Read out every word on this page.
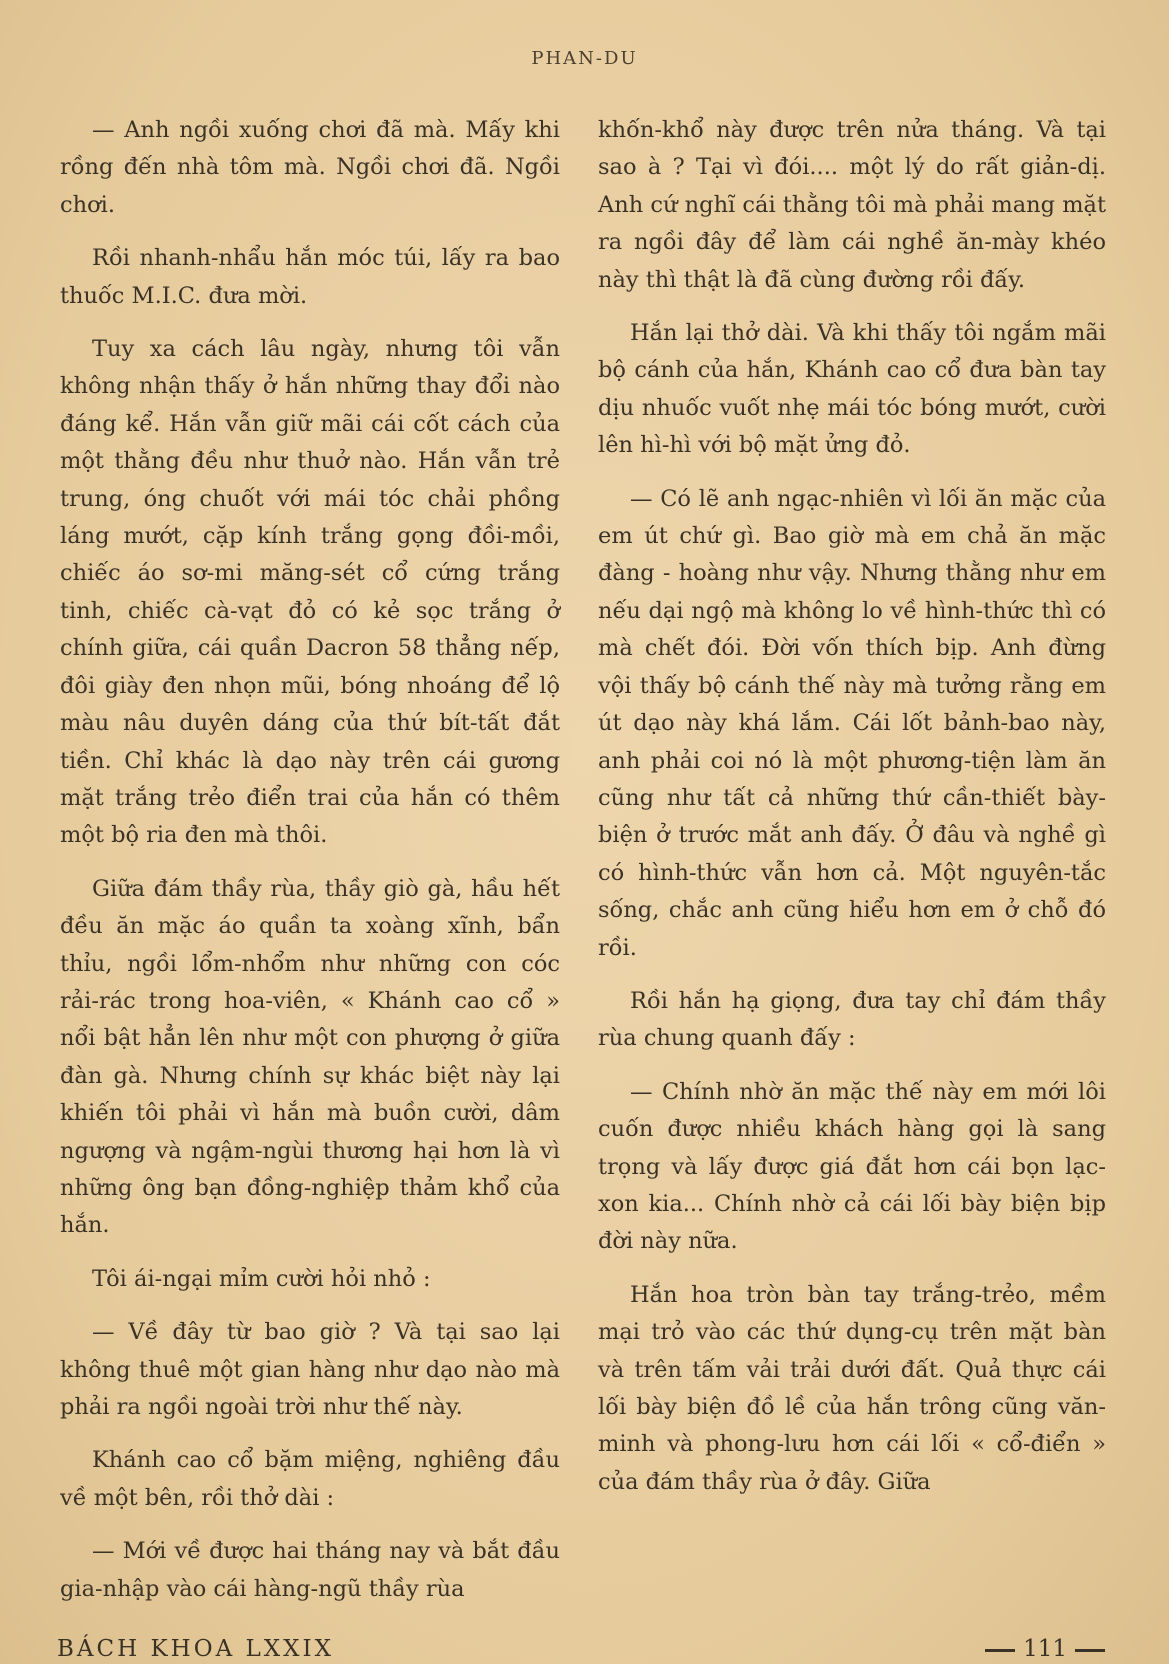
PHAN-DU

— Anh ngồi xuống chơi đã mà. Mấy khi rồng đến nhà tôm mà. Ngồi chơi đã. Ngồi chơi.

Rồi nhanh-nhẩu hắn móc túi, lấy ra bao thuốc M.I.C. đưa mời.

Tuy xa cách lâu ngày, nhưng tôi vẫn không nhận thấy ở hắn những thay đổi nào đáng kể. Hắn vẫn giữ mãi cái cốt cách của một thằng đều như thuở nào. Hắn vẫn trẻ trung, óng chuốt với mái tóc chải phồng láng mướt, cặp kính trắng gọng đồi-mồi, chiếc áo sơ-mi măng-sét cổ cứng trắng tinh, chiếc cà-vạt đỏ có kẻ sọc trắng ở chính giữa, cái quần Dacron 58 thẳng nếp, đôi giày đen nhọn mũi, bóng nhoáng để lộ màu nâu duyên dáng của thứ bít-tất đắt tiền. Chỉ khác là dạo này trên cái gương mặt trắng trẻo điển trai của hắn có thêm một bộ ria đen mà thôi.

Giữa đám thầy rùa, thầy giò gà, hầu hết đều ăn mặc áo quần ta xoàng xĩnh, bẩn thỉu, ngồi lổm-nhổm như những con cóc rải-rác trong hoa-viên, « Khánh cao cổ » nổi bật hẳn lên như một con phượng ở giữa đàn gà. Nhưng chính sự khác biệt này lại khiến tôi phải vì hắn mà buồn cười, dâm ngượng và ngậm-ngùi thương hại hơn là vì những ông bạn đồng-nghiệp thảm khổ của hắn.

Tôi ái-ngại mỉm cười hỏi nhỏ :

— Về đây từ bao giờ ? Và tại sao lại không thuê một gian hàng như dạo nào mà phải ra ngồi ngoài trời như thế này.

Khánh cao cổ bặm miệng, nghiêng đầu về một bên, rồi thở dài :

— Mới về được hai tháng nay và bắt đầu gia-nhập vào cái hàng-ngũ thầy rùa

khốn-khổ này được trên nửa tháng. Và tại sao à ? Tại vì đói.... một lý do rất giản-dị. Anh cứ nghĩ cái thằng tôi mà phải mang mặt ra ngồi đây để làm cái nghề ăn-mày khéo này thì thật là đã cùng đường rồi đấy.

Hắn lại thở dài. Và khi thấy tôi ngắm mãi bộ cánh của hắn, Khánh cao cổ đưa bàn tay dịu nhuốc vuốt nhẹ mái tóc bóng mướt, cười lên hì-hì với bộ mặt ửng đỏ.

— Có lẽ anh ngạc-nhiên vì lối ăn mặc của em út chứ gì. Bao giờ mà em chả ăn mặc đàng - hoàng như vậy. Nhưng thằng như em nếu dại ngộ mà không lo về hình-thức thì có mà chết đói. Đời vốn thích bịp. Anh đừng vội thấy bộ cánh thế này mà tưởng rằng em út dạo này khá lắm. Cái lốt bảnh-bao này, anh phải coi nó là một phương-tiện làm ăn cũng như tất cả những thứ cần-thiết bày-biện ở trước mắt anh đấy. Ở đâu và nghề gì có hình-thức vẫn hơn cả. Một nguyên-tắc sống, chắc anh cũng hiểu hơn em ở chỗ đó rồi.

Rồi hắn hạ giọng, đưa tay chỉ đám thầy rùa chung quanh đấy :

— Chính nhờ ăn mặc thế này em mới lôi cuốn được nhiều khách hàng gọi là sang trọng và lấy được giá đắt hơn cái bọn lạc-xon kia... Chính nhờ cả cái lối bày biện bịp đời này nữa.

Hắn hoa tròn bàn tay trắng-trẻo, mềm mại trỏ vào các thứ dụng-cụ trên mặt bàn và trên tấm vải trải dưới đất. Quả thực cái lối bày biện đồ lề của hắn trông cũng văn-minh và phong-lưu hơn cái lối « cổ-điển » của đám thầy rùa ở đây. Giữa

BÁCH KHOA LXXIX	111
